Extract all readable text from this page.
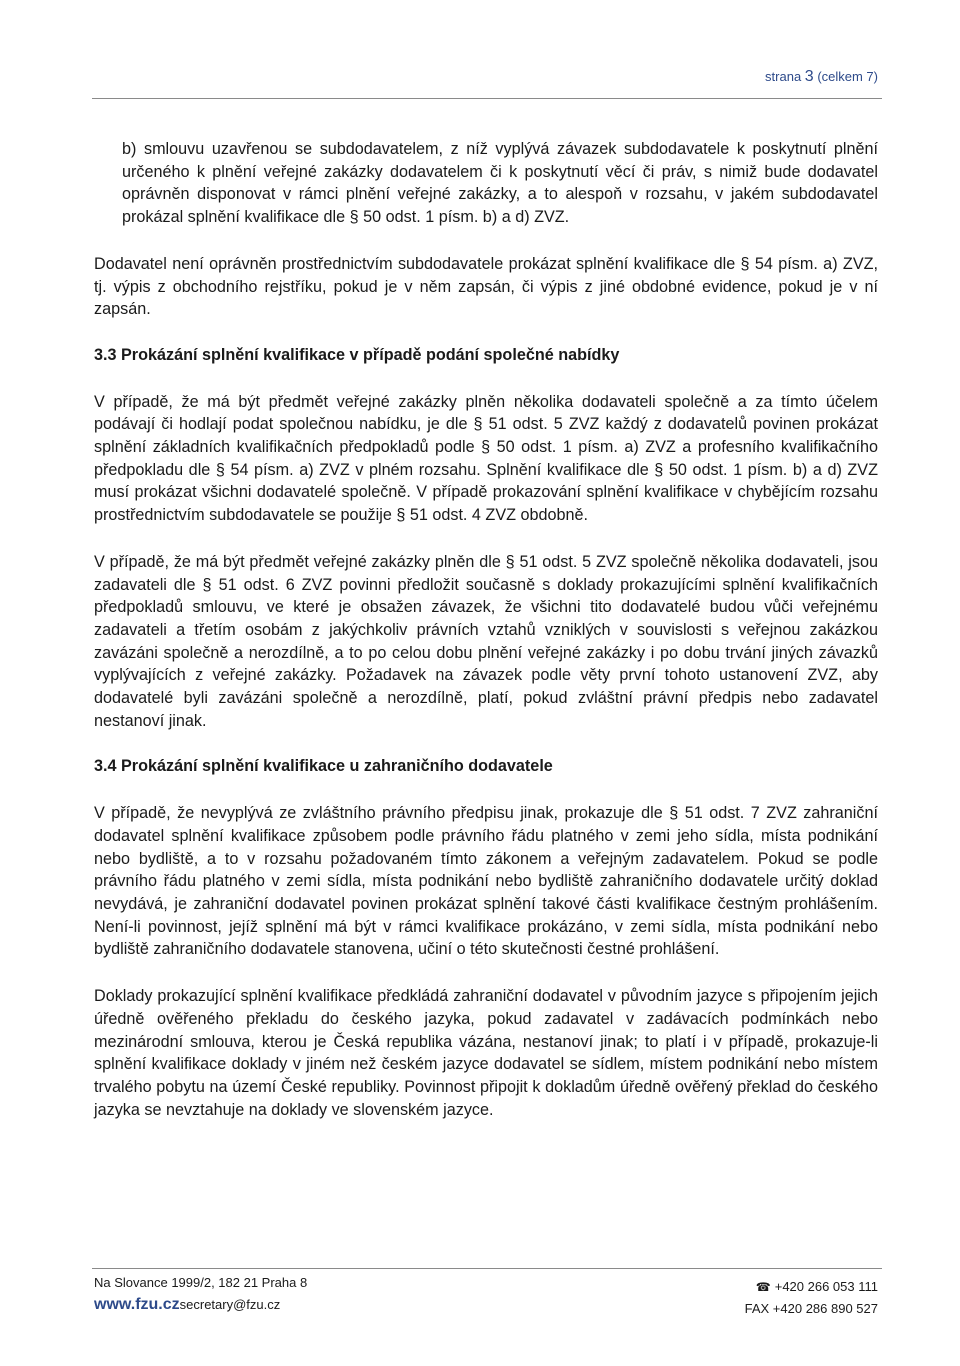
strana 3 (celkem 7)

b) smlouvu uzavřenou se subdodavatelem, z níž vyplývá závazek subdodavatele k poskytnutí plnění určeného k plnění veřejné zakázky dodavatelem či k poskytnutí věcí či práv, s nimiž bude dodavatel oprávněn disponovat v rámci plnění veřejné zakázky, a to alespoň v rozsahu, v jakém subdodavatel prokázal splnění kvalifikace dle § 50 odst. 1 písm. b) a d) ZVZ.

Dodavatel není oprávněn prostřednictvím subdodavatele prokázat splnění kvalifikace dle § 54 písm. a) ZVZ, tj. výpis z obchodního rejstříku, pokud je v něm zapsán, či výpis z jiné obdobné evidence, pokud je v ní zapsán.

3.3 Prokázání splnění kvalifikace v případě podání společné nabídky

V případě, že má být předmět veřejné zakázky plněn několika dodavateli společně a za tímto účelem podávají či hodlají podat společnou nabídku, je dle § 51 odst. 5 ZVZ každý z dodavatelů povinen prokázat splnění základních kvalifikačních předpokladů podle § 50 odst. 1 písm. a) ZVZ a profesního kvalifikačního předpokladu dle § 54 písm. a) ZVZ v plném rozsahu. Splnění kvalifikace dle § 50 odst. 1 písm. b) a d) ZVZ musí prokázat všichni dodavatelé společně. V případě prokazování splnění kvalifikace v chybějícím rozsahu prostřednictvím subdodavatele se použije § 51 odst. 4 ZVZ obdobně.

V případě, že má být předmět veřejné zakázky plněn dle § 51 odst. 5 ZVZ společně několika dodavateli, jsou zadavateli dle § 51 odst. 6 ZVZ povinni předložit současně s doklady prokazujícími splnění kvalifikačních předpokladů smlouvu, ve které je obsažen závazek, že všichni tito dodavatelé budou vůči veřejnému zadavateli a třetím osobám z jakýchkoliv právních vztahů vzniklých v souvislosti s veřejnou zakázkou zavázáni společně a nerozdílně, a to po celou dobu plnění veřejné zakázky i po dobu trvání jiných závazků vyplývajících z veřejné zakázky. Požadavek na závazek podle věty první tohoto ustanovení ZVZ, aby dodavatelé byli zavázáni společně a nerozdílně, platí, pokud zvláštní právní předpis nebo zadavatel nestanoví jinak.

3.4 Prokázání splnění kvalifikace u zahraničního dodavatele

V případě, že nevyplývá ze zvláštního právního předpisu jinak, prokazuje dle § 51 odst. 7 ZVZ zahraniční dodavatel splnění kvalifikace způsobem podle právního řádu platného v zemi jeho sídla, místa podnikání nebo bydliště, a to v rozsahu požadovaném tímto zákonem a veřejným zadavatelem. Pokud se podle právního řádu platného v zemi sídla, místa podnikání nebo bydliště zahraničního dodavatele určitý doklad nevydává, je zahraniční dodavatel povinen prokázat splnění takové části kvalifikace čestným prohlášením. Není-li povinnost, jejíž splnění má být v rámci kvalifikace prokázáno, v zemi sídla, místa podnikání nebo bydliště zahraničního dodavatele stanovena, učiní o této skutečnosti čestné prohlášení.

Doklady prokazující splnění kvalifikace předkládá zahraniční dodavatel v původním jazyce s připojením jejich úředně ověřeného překladu do českého jazyka, pokud zadavatel v zadávacích podmínkách nebo mezinárodní smlouva, kterou je Česká republika vázána, nestanoví jinak; to platí i v případě, prokazuje-li splnění kvalifikace doklady v jiném než českém jazyce dodavatel se sídlem, místem podnikání nebo místem trvalého pobytu na území České republiky. Povinnost připojit k dokladům úředně ověřený překlad do českého jazyka se nevztahuje na doklady ve slovenském jazyce.

Na Slovance 1999/2, 182 21 Praha 8
www.fzu.czsecretary@fzu.cz
☎ +420 266 053 111
FAX +420 286 890 527
